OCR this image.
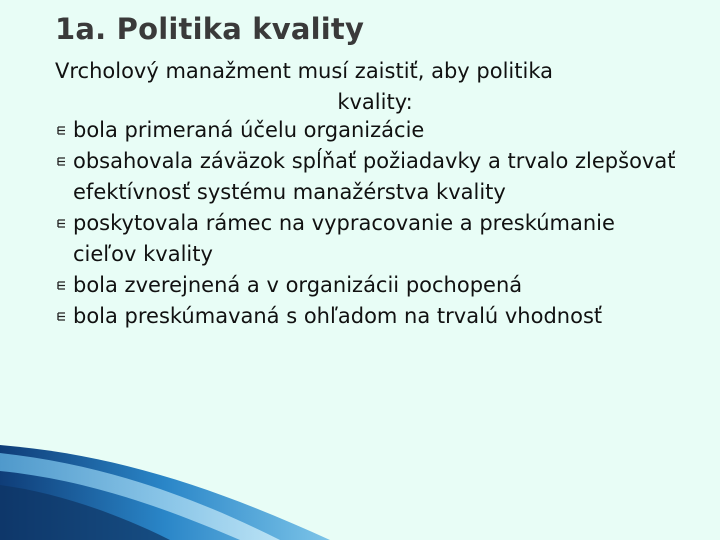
1a. Politika kvality
Vrcholový manažment musí zaistiť, aby politika
kvality:
bola primeraná účelu organizácie
obsahovala záväzok spĺňať požiadavky a trvalo zlepšovať efektívnosť systému manažérstva kvality
poskytovala rámec na vypracovanie a preskúmanie cieľov kvality
bola zverejnená a v organizácii pochopená
bola preskúmavaná s ohľadom na trvalú vhodnosť
